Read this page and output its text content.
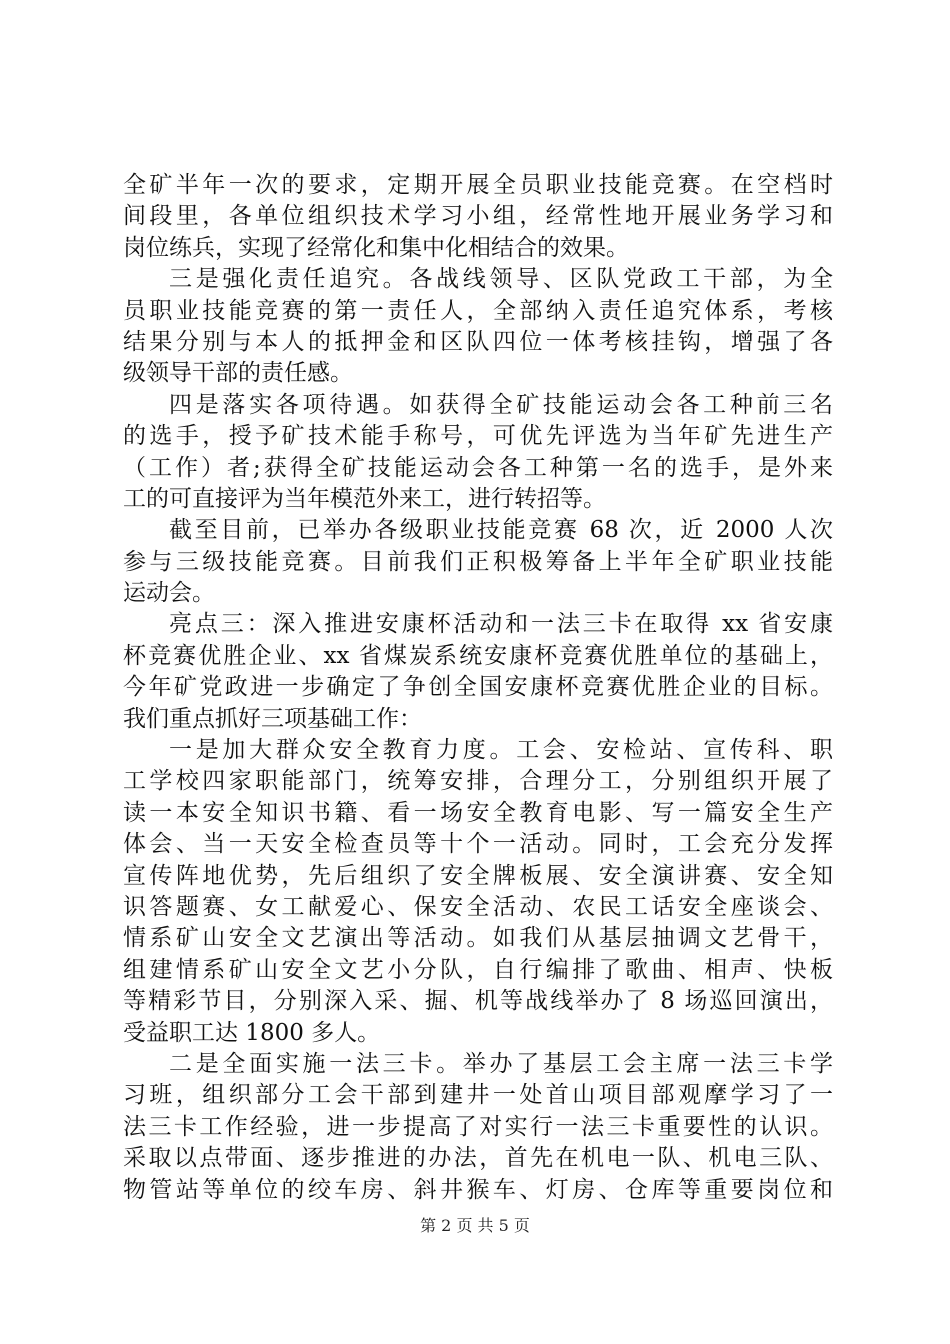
全矿半年一次的要求，定期开展全员职业技能竞赛。在空档时
间段里，各单位组织技术学习小组，经常性地开展业务学习和
岗位练兵，实现了经常化和集中化相结合的效果。
三是强化责任追究。各战线领导、区队党政工干部，为全
员职业技能竞赛的第一责任人，全部纳入责任追究体系，考核
结果分别与本人的抵押金和区队四位一体考核挂钩，增强了各
级领导干部的责任感。
四是落实各项待遇。如获得全矿技能运动会各工种前三名
的选手，授予矿技术能手称号，可优先评选为当年矿先进生产
（工作）者;获得全矿技能运动会各工种第一名的选手，是外来
工的可直接评为当年模范外来工，进行转招等。
截至目前，已举办各级职业技能竞赛 68 次，近 2000 人次
参与三级技能竞赛。目前我们正积极筹备上半年全矿职业技能
运动会。
亮点三：深入推进安康杯活动和一法三卡在取得 xx 省安康
杯竞赛优胜企业、xx 省煤炭系统安康杯竞赛优胜单位的基础上，
今年矿党政进一步确定了争创全国安康杯竞赛优胜企业的目标。
我们重点抓好三项基础工作：
一是加大群众安全教育力度。工会、安检站、宣传科、职
工学校四家职能部门，统筹安排，合理分工，分别组织开展了
读一本安全知识书籍、看一场安全教育电影、写一篇安全生产
体会、当一天安全检查员等十个一活动。同时，工会充分发挥
宣传阵地优势，先后组织了安全牌板展、安全演讲赛、安全知
识答题赛、女工献爱心、保安全活动、农民工话安全座谈会、
情系矿山安全文艺演出等活动。如我们从基层抽调文艺骨干，
组建情系矿山安全文艺小分队，自行编排了歌曲、相声、快板
等精彩节目，分别深入采、掘、机等战线举办了 8 场巡回演出，
受益职工达 1800 多人。
二是全面实施一法三卡。举办了基层工会主席一法三卡学
习班，组织部分工会干部到建井一处首山项目部观摩学习了一
法三卡工作经验，进一步提高了对实行一法三卡重要性的认识。
采取以点带面、逐步推进的办法，首先在机电一队、机电三队、
物管站等单位的绞车房、斜井猴车、灯房、仓库等重要岗位和
第 2 页 共 5 页
